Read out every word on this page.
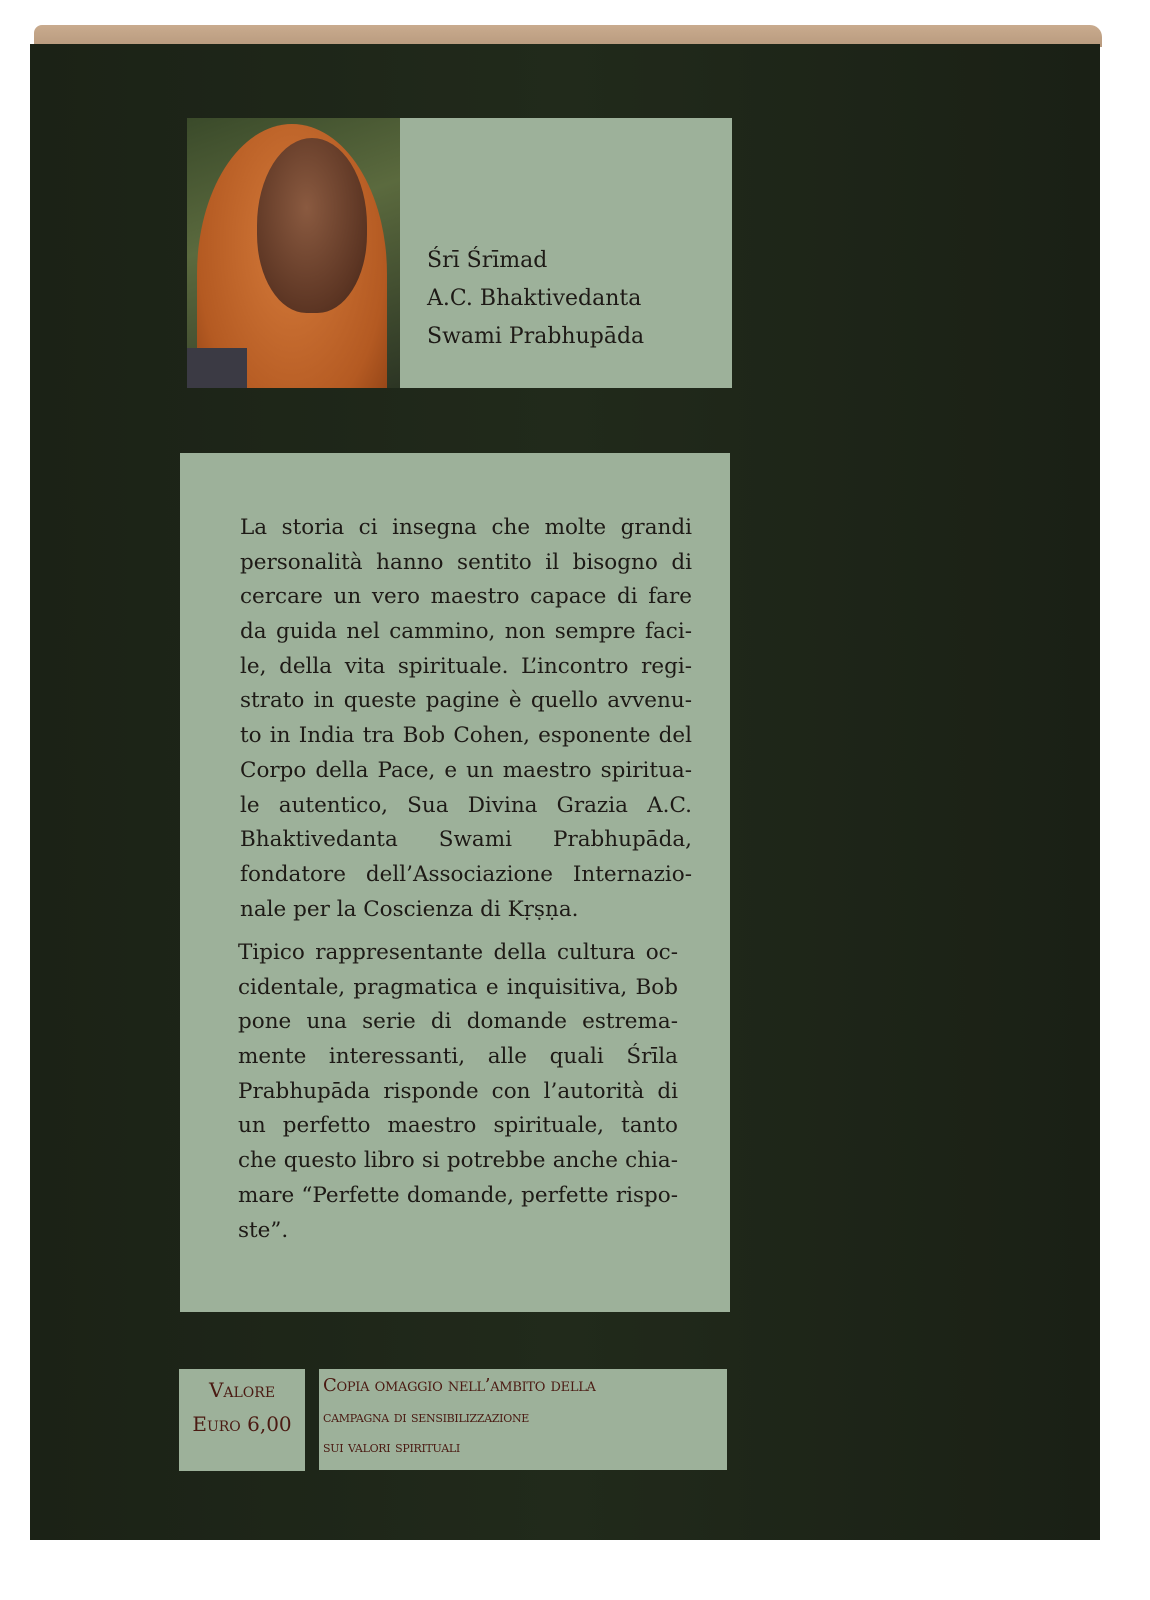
Śrī Śrīmad
A.C. Bhaktivedanta
Swami Prabhupāda
La storia ci insegna che molte grandi
personalità hanno sentito il bisogno di
cercare un vero maestro capace di fare
da guida nel cammino, non sempre faci-
le, della vita spirituale. L’incontro regi-
strato in queste pagine è quello avvenu-
to in India tra Bob Cohen, esponente del
Corpo della Pace, e un maestro spiritua-
le autentico, Sua Divina Grazia A.C.
Bhaktivedanta Swami Prabhupāda,
fondatore dell’Associazione Internazio-
nale per la Coscienza di Kṛṣṇa.
Tipico rappresentante della cultura oc-
cidentale, pragmatica e inquisitiva, Bob
pone una serie di domande estrema-
mente interessanti, alle quali Śrīla
Prabhupāda risponde con l’autorità di
un perfetto maestro spirituale, tanto
che questo libro si potrebbe anche chia-
mare “Perfette domande, perfette rispo-
ste”.
Valore
Euro 6,00
Copia omaggio nell’ambito della
campagna di sensibilizzazione
sui valori spirituali
